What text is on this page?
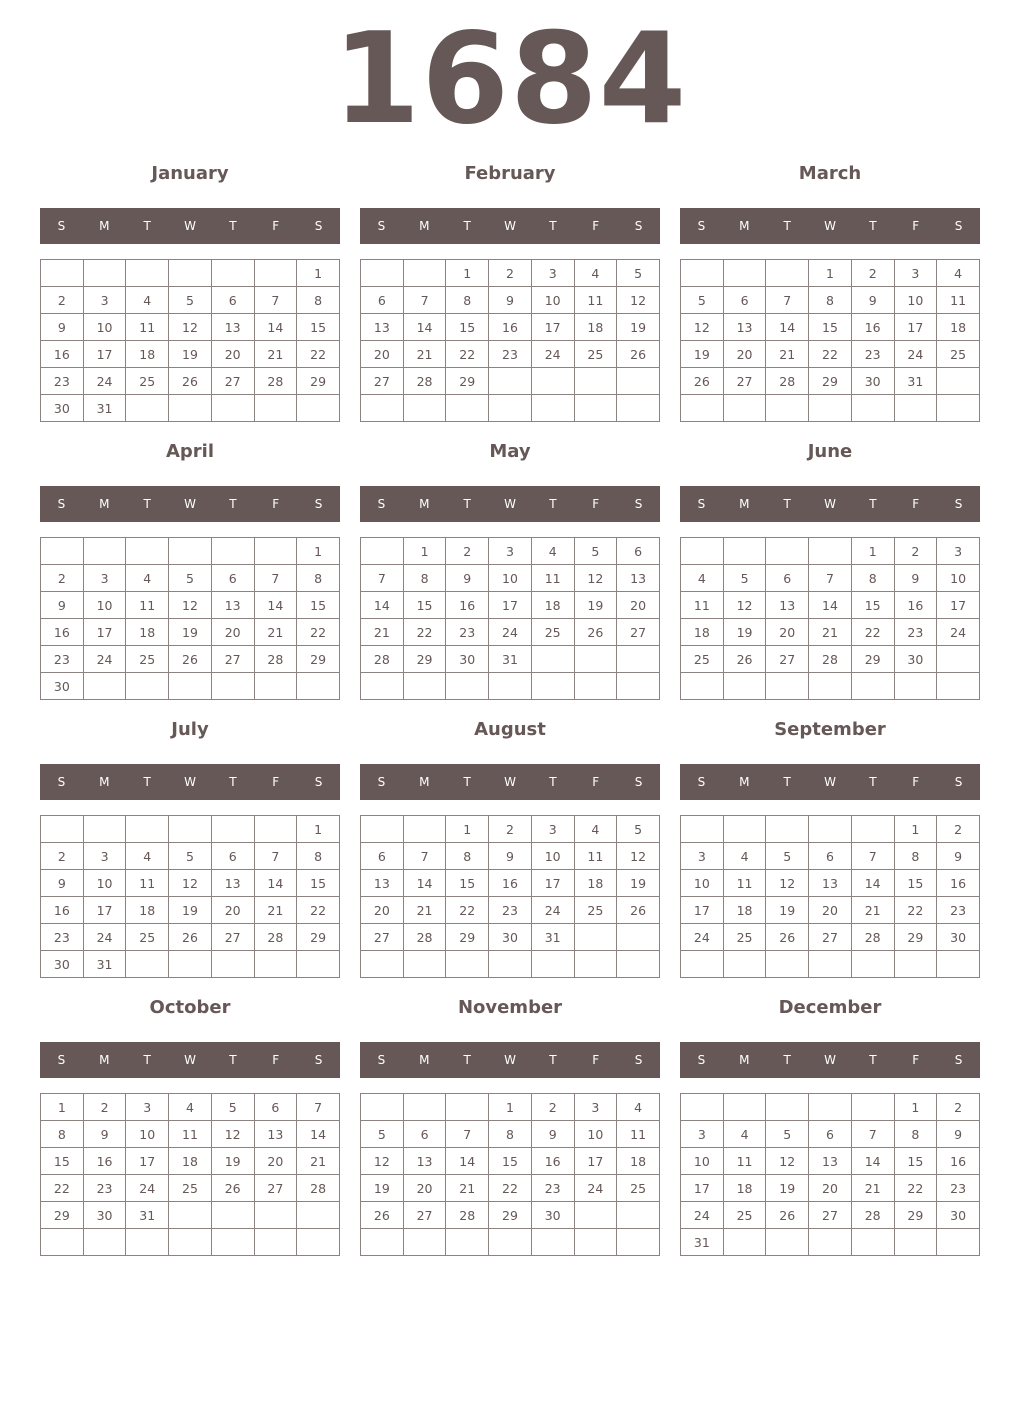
1684
January
S	M	T	W	T	F	S
						1
2	3	4	5	6	7	8
9	10	11	12	13	14	15
16	17	18	19	20	21	22
23	24	25	26	27	28	29
30	31					
February
S	M	T	W	T	F	S
		1	2	3	4	5
6	7	8	9	10	11	12
13	14	15	16	17	18	19
20	21	22	23	24	25	26
27	28	29				

March
S	M	T	W	T	F	S
			1	2	3	4
5	6	7	8	9	10	11
12	13	14	15	16	17	18
19	20	21	22	23	24	25
26	27	28	29	30	31	

April
S	M	T	W	T	F	S
						1
2	3	4	5	6	7	8
9	10	11	12	13	14	15
16	17	18	19	20	21	22
23	24	25	26	27	28	29
30						
May
S	M	T	W	T	F	S
	1	2	3	4	5	6
7	8	9	10	11	12	13
14	15	16	17	18	19	20
21	22	23	24	25	26	27
28	29	30	31			

June
S	M	T	W	T	F	S
				1	2	3
4	5	6	7	8	9	10
11	12	13	14	15	16	17
18	19	20	21	22	23	24
25	26	27	28	29	30	

July
S	M	T	W	T	F	S
						1
2	3	4	5	6	7	8
9	10	11	12	13	14	15
16	17	18	19	20	21	22
23	24	25	26	27	28	29
30	31					
August
S	M	T	W	T	F	S
		1	2	3	4	5
6	7	8	9	10	11	12
13	14	15	16	17	18	19
20	21	22	23	24	25	26
27	28	29	30	31		

September
S	M	T	W	T	F	S
					1	2
3	4	5	6	7	8	9
10	11	12	13	14	15	16
17	18	19	20	21	22	23
24	25	26	27	28	29	30

October
S	M	T	W	T	F	S
1	2	3	4	5	6	7
8	9	10	11	12	13	14
15	16	17	18	19	20	21
22	23	24	25	26	27	28
29	30	31				

November
S	M	T	W	T	F	S
			1	2	3	4
5	6	7	8	9	10	11
12	13	14	15	16	17	18
19	20	21	22	23	24	25
26	27	28	29	30		

December
S	M	T	W	T	F	S
					1	2
3	4	5	6	7	8	9
10	11	12	13	14	15	16
17	18	19	20	21	22	23
24	25	26	27	28	29	30
31						
